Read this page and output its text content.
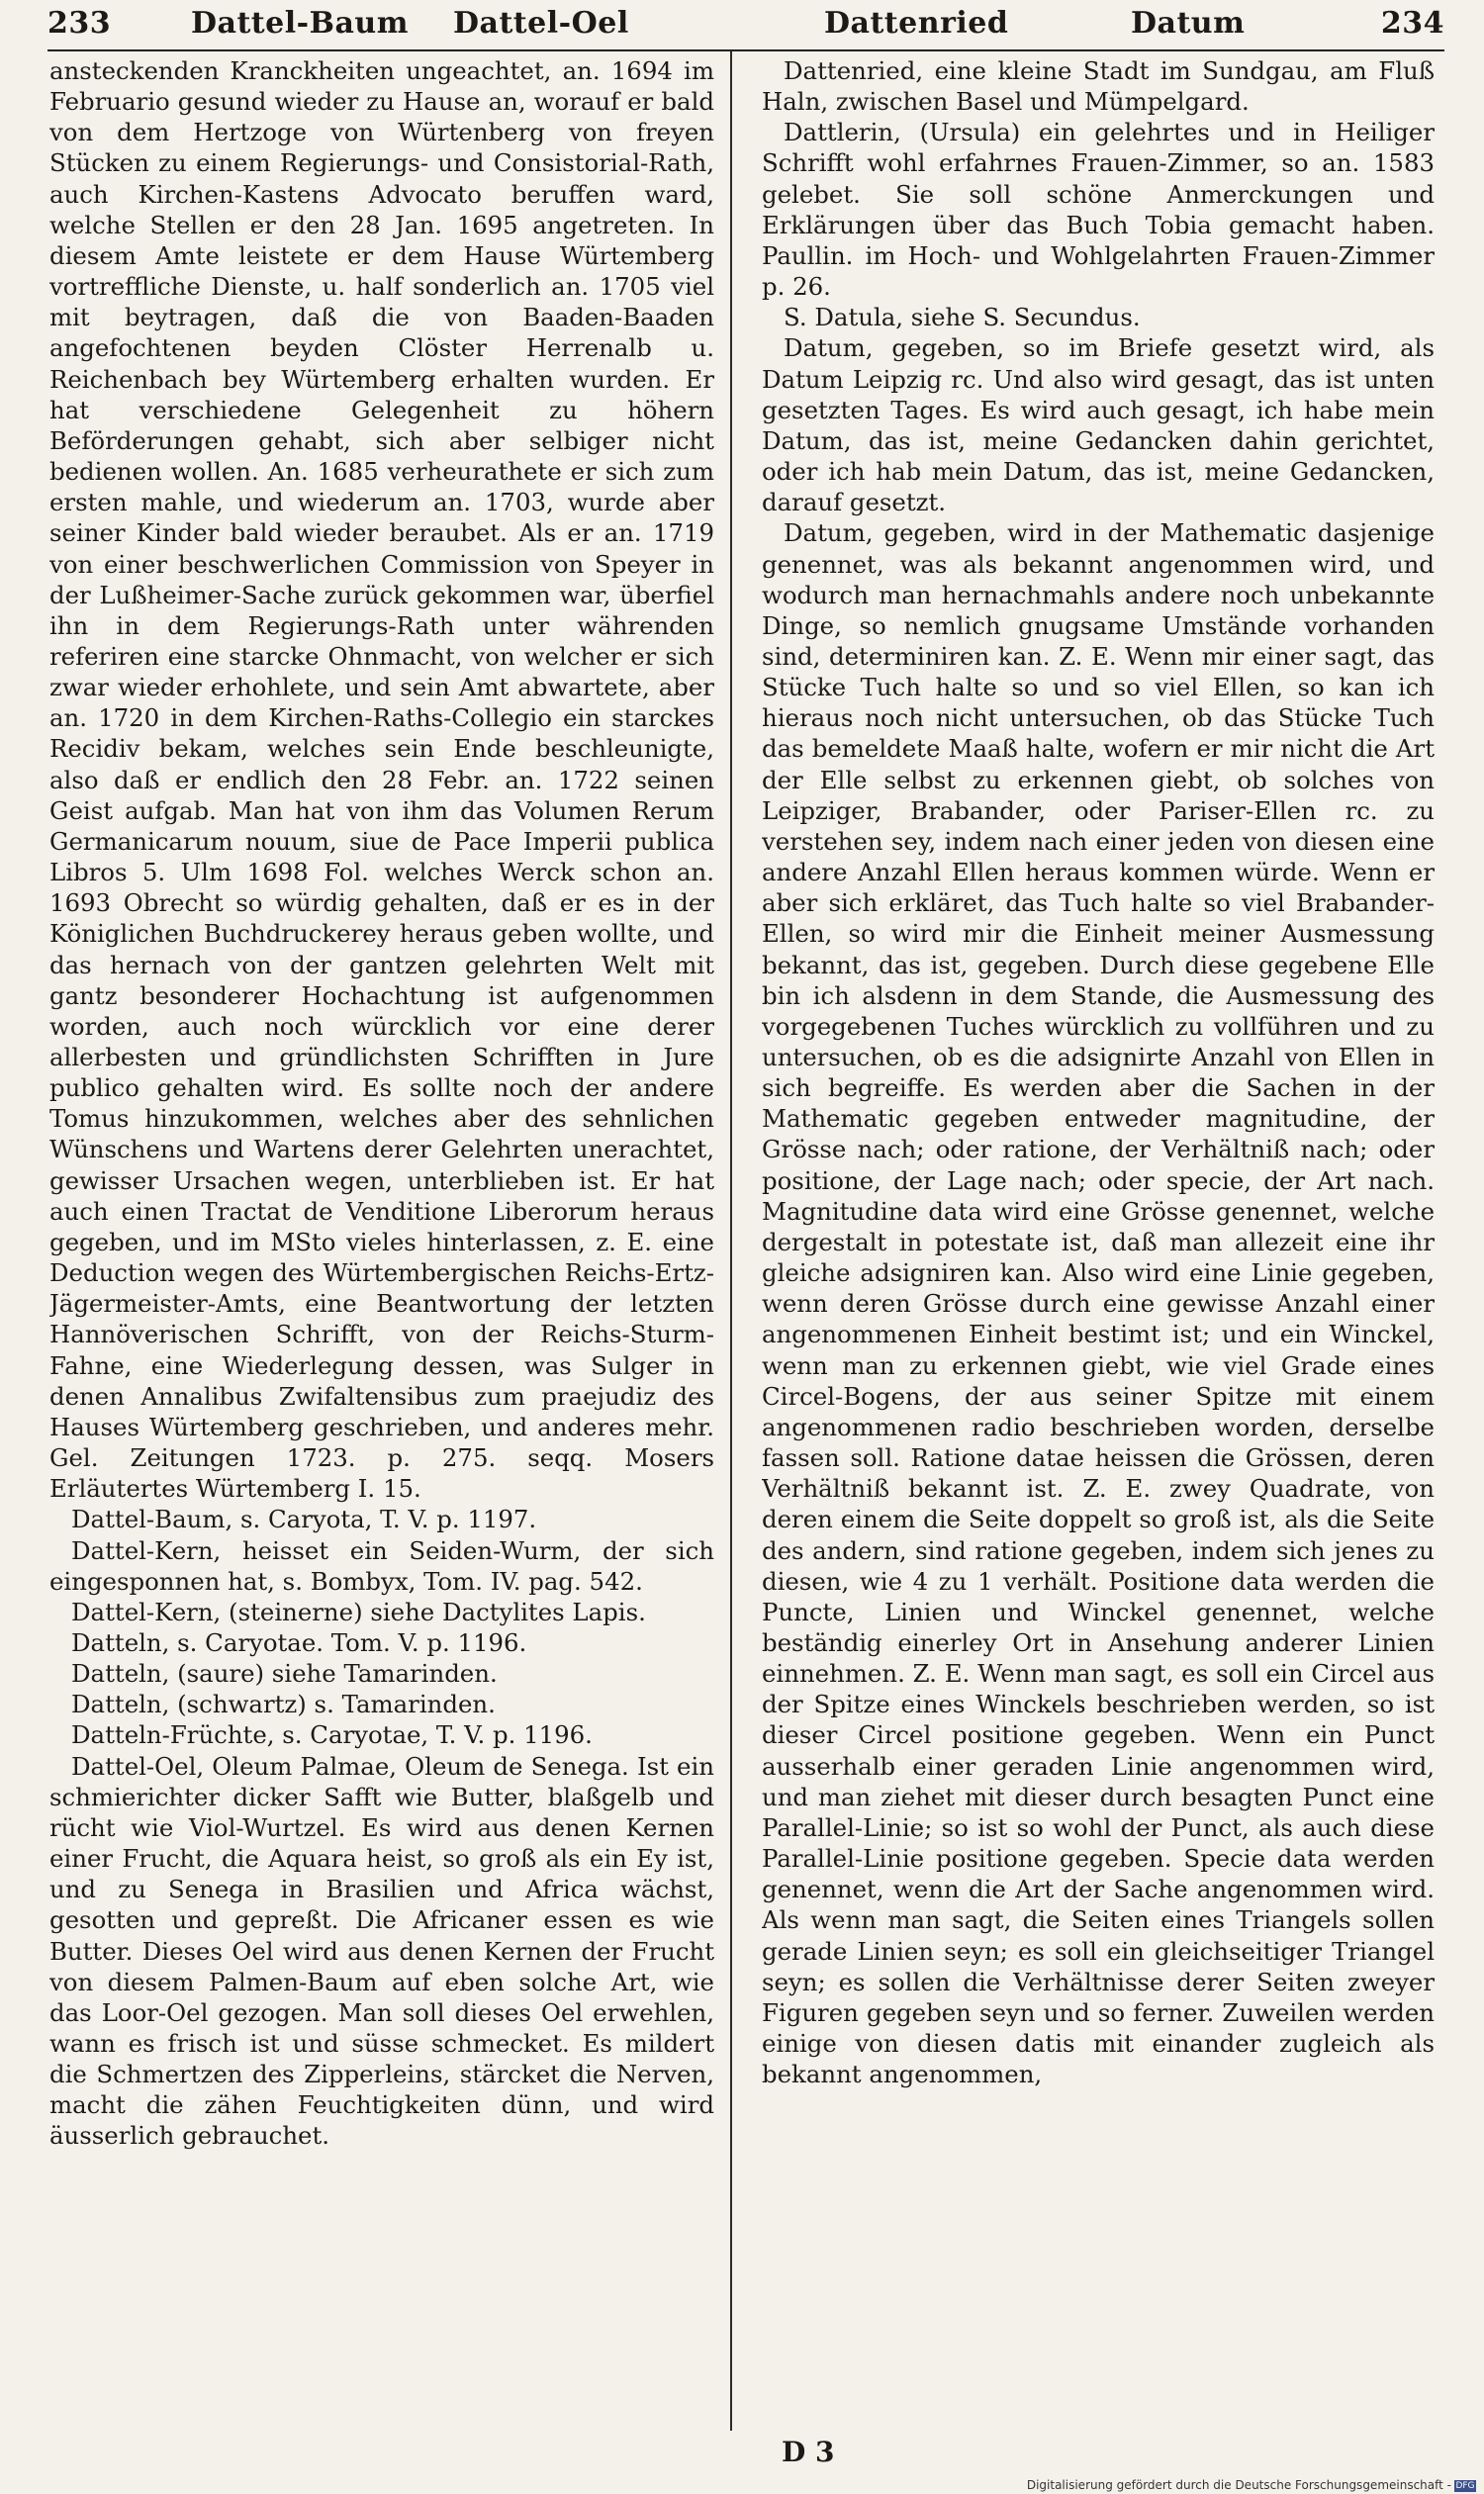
233	Dattel-Baum Dattel-Oel	Dattenried	Datum	234

ansteckenden Kranckheiten ungeachtet, an. 1694 im Februario gesund wieder zu Hause an, worauf er bald von dem Hertzoge von Würtenberg von freyen Stücken zu einem Regierungs- und Consistorial-Rath, auch Kirchen-Kastens Advocato beruffen ward, welche Stellen er den 28 Jan. 1695 angetreten. In diesem Amte leistete er dem Hause Würtemberg vortreffliche Dienste, u. half sonderlich an. 1705 viel mit beytragen, daß die von Baaden-Baaden angefochtenen beyden Clöster Herrenalb u. Reichenbach bey Würtemberg erhalten wurden. Er hat verschiedene Gelegenheit zu höhern Beförderungen gehabt, sich aber selbiger nicht bedienen wollen. An. 1685 verheurathete er sich zum ersten mahle, und wiederum an. 1703, wurde aber seiner Kinder bald wieder beraubet. Als er an. 1719 von einer beschwerlichen Commission von Speyer in der Lußheimer-Sache zurück gekommen war, überfiel ihn in dem Regierungs-Rath unter währenden referiren eine starcke Ohnmacht, von welcher er sich zwar wieder erhohlete, und sein Amt abwartete, aber an. 1720 in dem Kirchen-Raths-Collegio ein starckes Recidiv bekam, welches sein Ende beschleunigte, also daß er endlich den 28 Febr. an. 1722 seinen Geist aufgab. Man hat von ihm das Volumen Rerum Germanicarum nouum, siue de Pace Imperii publica Libros 5. Ulm 1698 Fol. welches Werck schon an. 1693 Obrecht so würdig gehalten, daß er es in der Königlichen Buchdruckerey heraus geben wollte, und das hernach von der gantzen gelehrten Welt mit gantz besonderer Hochachtung ist aufgenommen worden, auch noch würcklich vor eine derer allerbesten und gründlichsten Schrifften in Jure publico gehalten wird. Es sollte noch der andere Tomus hinzukommen, welches aber des sehnlichen Wünschens und Wartens derer Gelehrten unerachtet, gewisser Ursachen wegen, unterblieben ist. Er hat auch einen Tractat de Venditione Liberorum heraus gegeben, und im MSto vieles hinterlassen, z. E. eine Deduction wegen des Würtembergischen Reichs-Ertz-Jägermeister-Amts, eine Beantwortung der letzten Hannöverischen Schrifft, von der Reichs-Sturm-Fahne, eine Wiederlegung dessen, was Sulger in denen Annalibus Zwifaltensibus zum praejudiz des Hauses Würtemberg geschrieben, und anderes mehr. Gel. Zeitungen 1723. p. 275. seqq. Mosers Erläutertes Würtemberg I. 15.

Dattel-Baum, s. Caryota, T. V. p. 1197.

Dattel-Kern, heisset ein Seiden-Wurm, der sich eingesponnen hat, s. Bombyx, Tom. IV. pag. 542.

Dattel-Kern, (steinerne) siehe Dactylites Lapis.

Datteln, s. Caryotae. Tom. V. p. 1196.

Datteln, (saure) siehe Tamarinden.

Datteln, (schwartz) s. Tamarinden.

Datteln-Früchte, s. Caryotae, T. V. p. 1196.

Dattel-Oel, Oleum Palmae, Oleum de Senega. Ist ein schmierichter dicker Safft wie Butter, blaßgelb und rücht wie Viol-Wurtzel. Es wird aus denen Kernen einer Frucht, die Aquara heist, so groß als ein Ey ist, und zu Senega in Brasilien und Africa wächst, gesotten und gepreßt. Die Africaner essen es wie Butter. Dieses Oel wird aus denen Kernen der Frucht von diesem Palmen-Baum auf eben solche Art, wie das Loor-Oel gezogen. Man soll dieses Oel erwehlen, wann es frisch ist und süsse schmecket. Es mildert die Schmertzen des Zipperleins, stärcket die Nerven, macht die zähen Feuchtigkeiten dünn, und wird äusserlich gebrauchet.

Dattenried, eine kleine Stadt im Sundgau, am Fluß Haln, zwischen Basel und Mümpelgard.

Dattlerin, (Ursula) ein gelehrtes und in Heiliger Schrifft wohl erfahrnes Frauen-Zimmer, so an. 1583 gelebet. Sie soll schöne Anmerckungen und Erklärungen über das Buch Tobia gemacht haben. Paullin. im Hoch- und Wohlgelahrten Frauen-Zimmer p. 26.

S. Datula, siehe S. Secundus.

Datum, gegeben, so im Briefe gesetzt wird, als Datum Leipzig rc. Und also wird gesagt, das ist unten gesetzten Tages. Es wird auch gesagt, ich habe mein Datum, das ist, meine Gedancken dahin gerichtet, oder ich hab mein Datum, das ist, meine Gedancken, darauf gesetzt.

Datum, gegeben, wird in der Mathematic dasjenige genennet, was als bekannt angenommen wird, und wodurch man hernachmahls andere noch unbekannte Dinge, so nemlich gnugsame Umstände vorhanden sind, determiniren kan. Z. E. Wenn mir einer sagt, das Stücke Tuch halte so und so viel Ellen, so kan ich hieraus noch nicht untersuchen, ob das Stücke Tuch das bemeldete Maaß halte, wofern er mir nicht die Art der Elle selbst zu erkennen giebt, ob solches von Leipziger, Brabander, oder Pariser-Ellen rc. zu verstehen sey, indem nach einer jeden von diesen eine andere Anzahl Ellen heraus kommen würde. Wenn er aber sich erkläret, das Tuch halte so viel Brabander-Ellen, so wird mir die Einheit meiner Ausmessung bekannt, das ist, gegeben. Durch diese gegebene Elle bin ich alsdenn in dem Stande, die Ausmessung des vorgegebenen Tuches würcklich zu vollführen und zu untersuchen, ob es die adsignirte Anzahl von Ellen in sich begreiffe. Es werden aber die Sachen in der Mathematic gegeben entweder magnitudine, der Grösse nach; oder ratione, der Verhältniß nach; oder positione, der Lage nach; oder specie, der Art nach. Magnitudine data wird eine Grösse genennet, welche dergestalt in potestate ist, daß man allezeit eine ihr gleiche adsigniren kan. Also wird eine Linie gegeben, wenn deren Grösse durch eine gewisse Anzahl einer angenommenen Einheit bestimt ist; und ein Winckel, wenn man zu erkennen giebt, wie viel Grade eines Circel-Bogens, der aus seiner Spitze mit einem angenommenen radio beschrieben worden, derselbe fassen soll. Ratione datae heissen die Grössen, deren Verhältniß bekannt ist. Z. E. zwey Quadrate, von deren einem die Seite doppelt so groß ist, als die Seite des andern, sind ratione gegeben, indem sich jenes zu diesen, wie 4 zu 1 verhält. Positione data werden die Puncte, Linien und Winckel genennet, welche beständig einerley Ort in Ansehung anderer Linien einnehmen. Z. E. Wenn man sagt, es soll ein Circel aus der Spitze eines Winckels beschrieben werden, so ist dieser Circel positione gegeben. Wenn ein Punct ausserhalb einer geraden Linie angenommen wird, und man ziehet mit dieser durch besagten Punct eine Parallel-Linie; so ist so wohl der Punct, als auch diese Parallel-Linie positione gegeben. Specie data werden genennet, wenn die Art der Sache angenommen wird. Als wenn man sagt, die Seiten eines Triangels sollen gerade Linien seyn; es soll ein gleichseitiger Triangel seyn; es sollen die Verhältnisse derer Seiten zweyer Figuren gegeben seyn und so ferner. Zuweilen werden einige von diesen datis mit einander zugleich als bekannt angenommen,

D 3
Digitalisierung gefördert durch die Deutsche Forschungsgemeinschaft - DFG
